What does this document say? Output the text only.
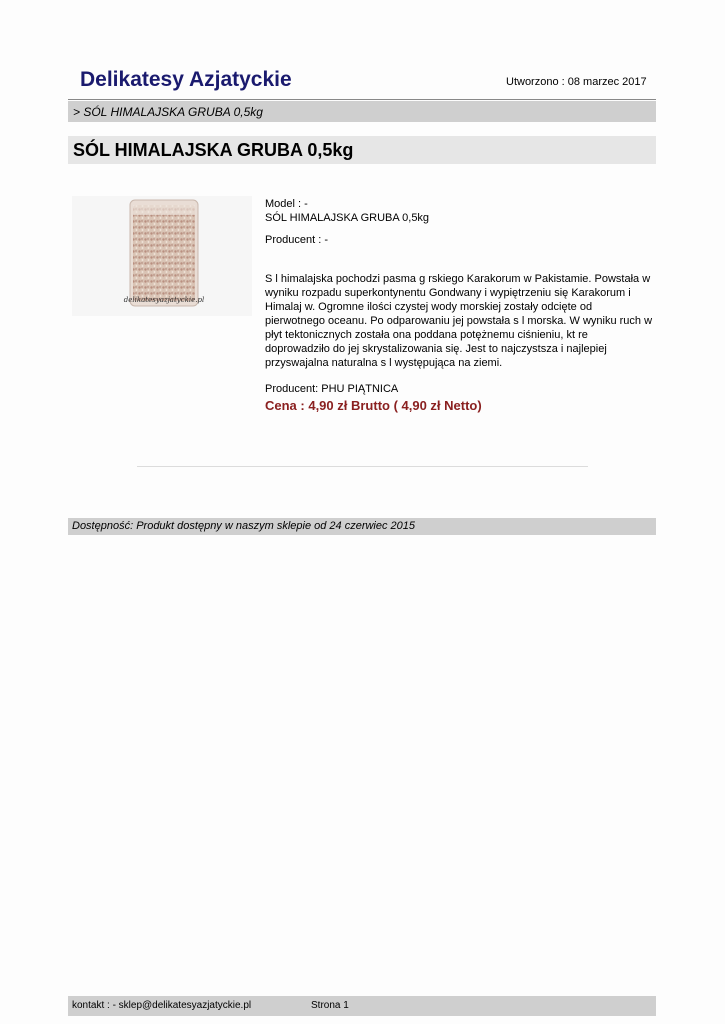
Delikatesy Azjatyckie	Utworzono : 08 marzec 2017
> SÓL HIMALAJSKA GRUBA 0,5kg
SÓL HIMALAJSKA GRUBA 0,5kg
delikatesyazjatyckie.pl

Model : -

SÓL HIMALAJSKA GRUBA 0,5kg

Producent : -

S l himalajska pochodzi pasma g rskiego Karakorum w Pakistamie. Powstała w wyniku rozpadu superkontynentu Gondwany i wypiętrzeniu się Karakorum i Himalaj w. Ogromne ilości czystej wody morskiej zostały odcięte od pierwotnego oceanu. Po odparowaniu jej powstała s l morska. W wyniku ruch w płyt tektonicznych została ona poddana potężnemu ciśnieniu, kt re doprowadziło do jej skrystalizowania się. Jest to najczystsza i najlepiej przyswajalna naturalna s l występująca na ziemi.

Producent: PHU PIĄTNICA

Cena : 4,90 zł Brutto ( 4,90 zł Netto)

Dostępność: Produkt dostępny w naszym sklepie od 24 czerwiec 2015
kontakt : - sklep@delikatesyazjatyckie.pl	Strona 1
